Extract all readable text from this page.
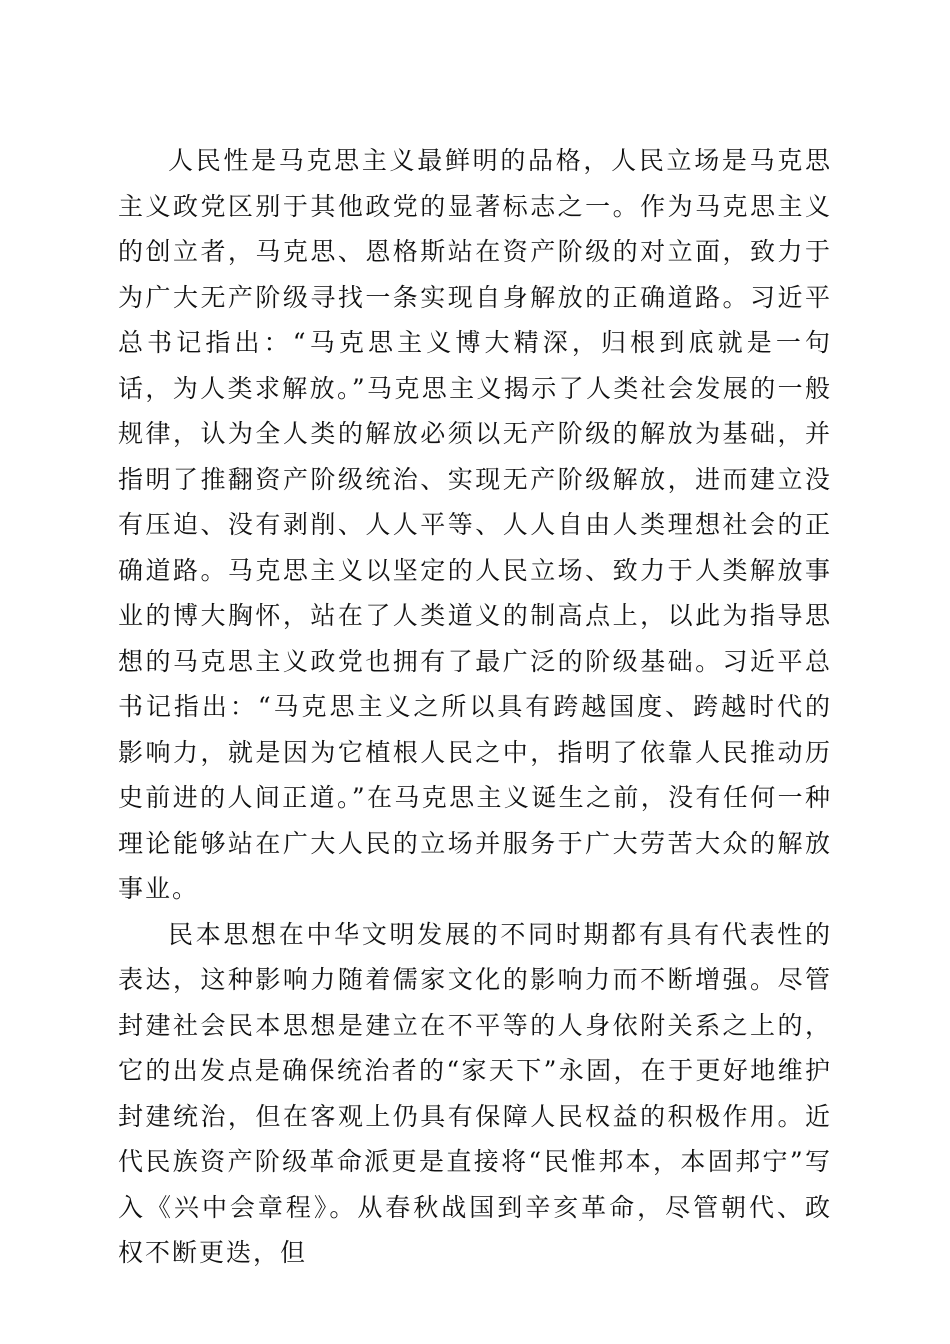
人民性是马克思主义最鲜明的品格，人民立场是马克思主义政党区别于其他政党的显著标志之一。作为马克思主义的创立者，马克思、恩格斯站在资产阶级的对立面，致力于为广大无产阶级寻找一条实现自身解放的正确道路。习近平总书记指出：“马克思主义博大精深，归根到底就是一句话，为人类求解放。”马克思主义揭示了人类社会发展的一般规律，认为全人类的解放必须以无产阶级的解放为基础，并指明了推翻资产阶级统治、实现无产阶级解放，进而建立没有压迫、没有剥削、人人平等、人人自由人类理想社会的正确道路。马克思主义以坚定的人民立场、致力于人类解放事业的博大胸怀，站在了人类道义的制高点上，以此为指导思想的马克思主义政党也拥有了最广泛的阶级基础。习近平总书记指出：“马克思主义之所以具有跨越国度、跨越时代的影响力，就是因为它植根人民之中，指明了依靠人民推动历史前进的人间正道。”在马克思主义诞生之前，没有任何一种理论能够站在广大人民的立场并服务于广大劳苦大众的解放事业。

民本思想在中华文明发展的不同时期都有具有代表性的表达，这种影响力随着儒家文化的影响力而不断增强。尽管封建社会民本思想是建立在不平等的人身依附关系之上的，它的出发点是确保统治者的“家天下”永固，在于更好地维护封建统治，但在客观上仍具有保障人民权益的积极作用。近代民族资产阶级革命派更是直接将“民惟邦本，本固邦宁”写入《兴中会章程》。从春秋战国到辛亥革命，尽管朝代、政权不断更迭，但
